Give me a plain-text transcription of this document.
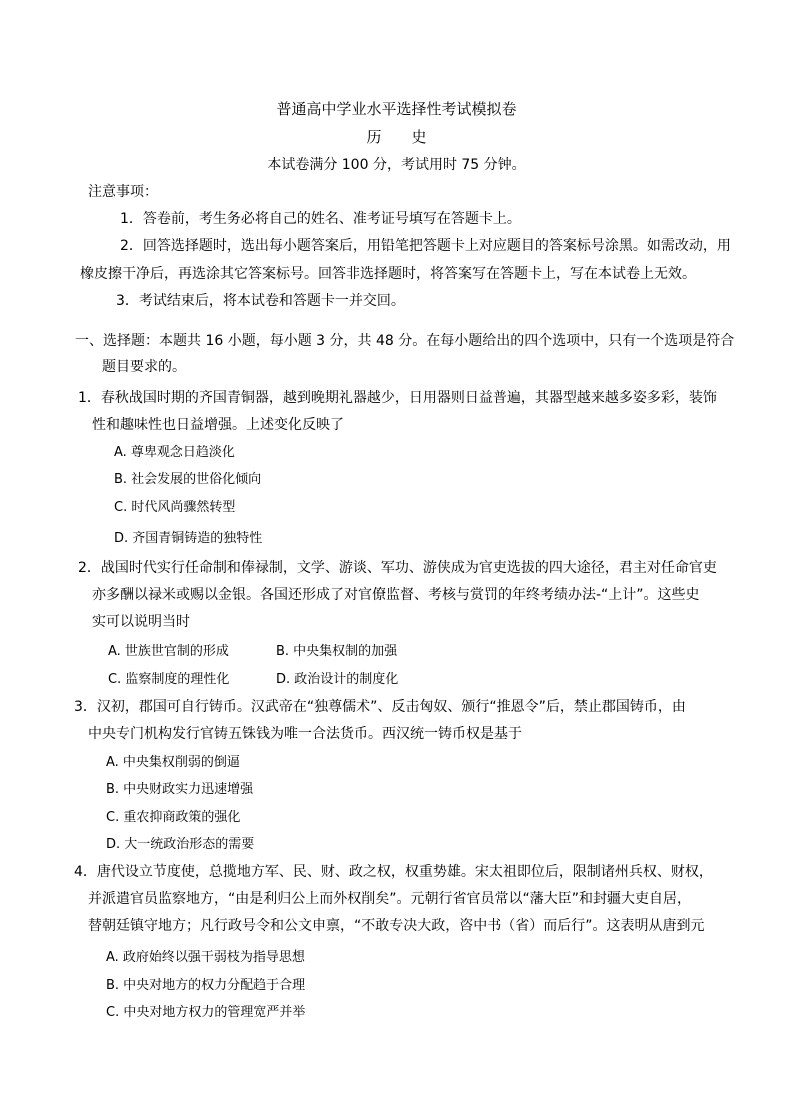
普通高中学业水平选择性考试模拟卷
历 史
本试卷满分 100 分，考试用时 75 分钟。
注意事项：
1．答卷前，考生务必将自己的姓名、准考证号填写在答题卡上。
2．回答选择题时，选出每小题答案后，用铅笔把答题卡上对应题目的答案标号涂黑。如需改动，用
橡皮擦干净后，再选涂其它答案标号。回答非选择题时，将答案写在答题卡上，写在本试卷上无效。
3．考试结束后，将本试卷和答题卡一并交回。
一、选择题：本题共 16 小题，每小题 3 分，共 48 分。在每小题给出的四个选项中，只有一个选项是符合
题目要求的。
1．春秋战国时期的齐国青铜器，越到晚期礼器越少，日用器则日益普遍，其器型越来越多姿多彩，装饰
性和趣味性也日益增强。上述变化反映了
A. 尊卑观念日趋淡化
B. 社会发展的世俗化倾向
C. 时代风尚骤然转型
D. 齐国青铜铸造的独特性
2．战国时代实行任命制和俸禄制，文学、游谈、军功、游侠成为官吏选拔的四大途径，君主对任命官吏
亦多酬以禄米或赐以金银。各国还形成了对官僚监督、考核与赏罚的年终考绩办法-“上计”。这些史
实可以说明当时
A. 世族世官制的形成	B. 中央集权制的加强
C. 监察制度的理性化	D. 政治设计的制度化
3．汉初，郡国可自行铸币。汉武帝在“独尊儒术”、反击匈奴、颁行“推恩令”后，禁止郡国铸币，由
中央专门机构发行官铸五铢钱为唯一合法货币。西汉统一铸币权是基于
A. 中央集权削弱的倒逼
B. 中央财政实力迅速增强
C. 重农抑商政策的强化
D. 大一统政治形态的需要
4．唐代设立节度使，总揽地方军、民、财、政之权，权重势雄。宋太祖即位后，限制诸州兵权、财权，
并派遣官员监察地方，“由是利归公上而外权削矣”。元朝行省官员常以“藩大臣”和封疆大吏自居，
替朝廷镇守地方；凡行政号令和公文申禀，“不敢专决大政，咨中书（省）而后行”。这表明从唐到元
A. 政府始终以强干弱枝为指导思想
B. 中央对地方的权力分配趋于合理
C. 中央对地方权力的管理宽严并举
